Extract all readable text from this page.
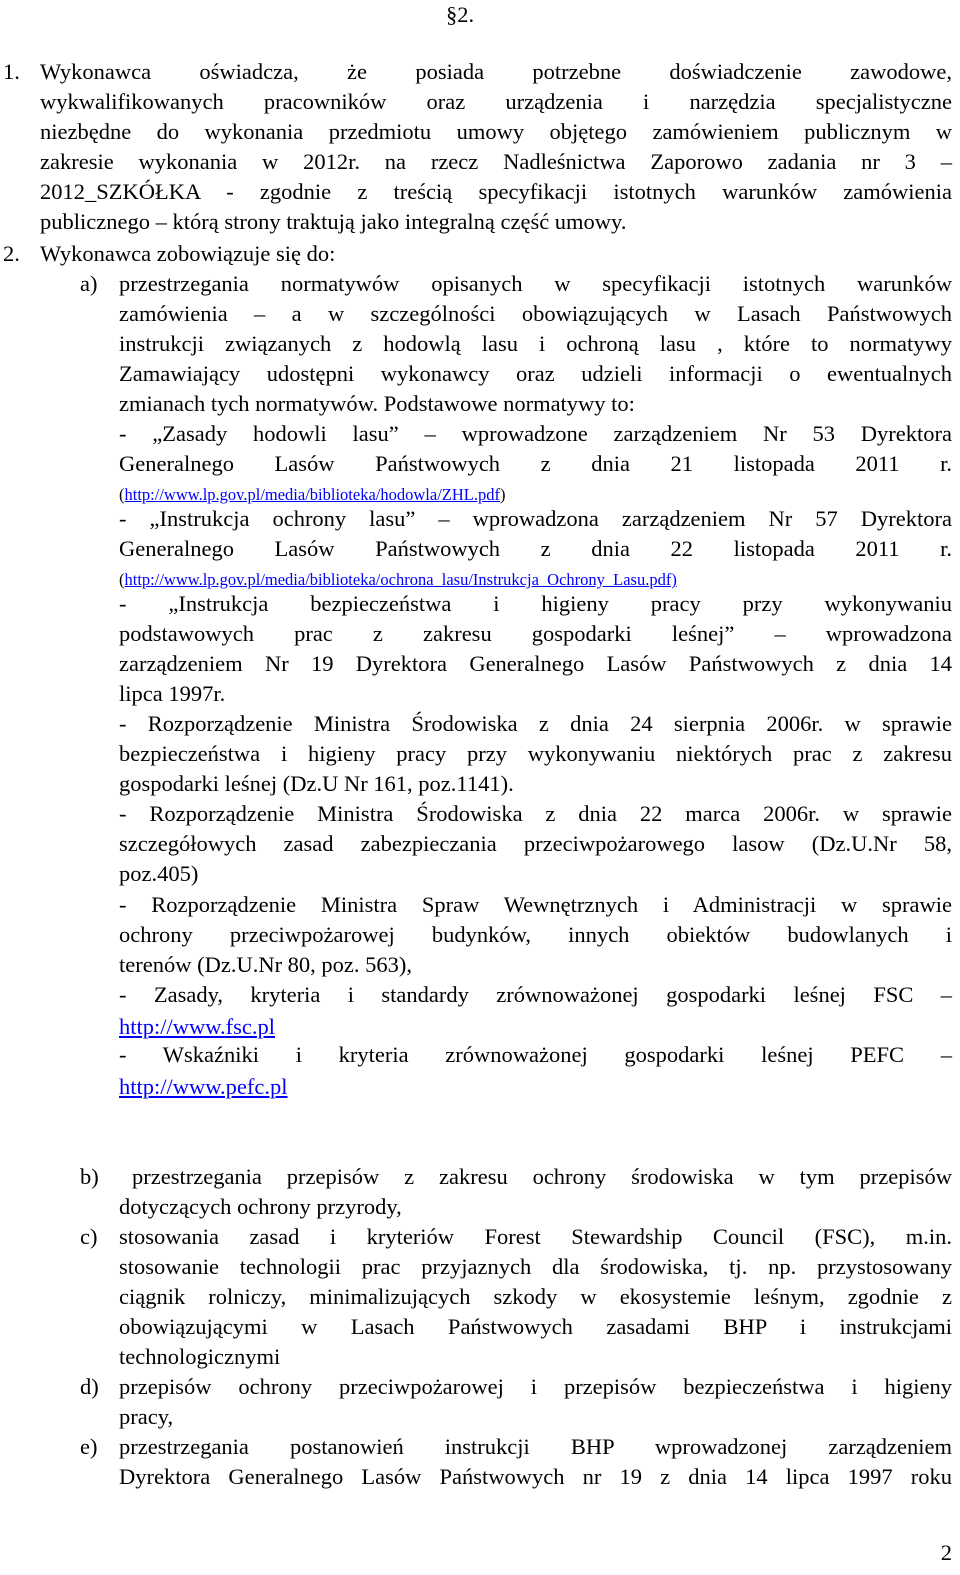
§2.
1. Wykonawca oświadcza, że posiada potrzebne doświadczenie zawodowe,
wykwalifikowanych pracowników oraz urządzenia i narzędzia specjalistyczne
niezbędne do wykonania przedmiotu umowy objętego zamówieniem publicznym w
zakresie wykonania w 2012r. na rzecz Nadleśnictwa Zaporowo zadania nr 3 –
2012_SZKÓŁKA - zgodnie z treścią specyfikacji istotnych warunków zamówienia
publicznego – którą strony traktują jako integralną część umowy.
2. Wykonawca zobowiązuje się do:
a) przestrzegania normatywów opisanych w specyfikacji istotnych warunków
zamówienia – a w szczególności obowiązujących w Lasach Państwowych
instrukcji związanych z hodowlą lasu i ochroną lasu , które to normatywy
Zamawiający udostępni wykonawcy oraz udzieli informacji o ewentualnych
zmianach tych normatywów. Podstawowe normatywy to:
- „Zasady hodowli lasu” – wprowadzone zarządzeniem Nr 53 Dyrektora
Generalnego Lasów Państwowych z dnia 21 listopada 2011 r.
- „Instrukcja ochrony lasu” – wprowadzona zarządzeniem Nr 57 Dyrektora
Generalnego Lasów Państwowych z dnia 22 listopada 2011 r.
- „Instrukcja bezpieczeństwa i higieny pracy przy wykonywaniu
podstawowych prac z zakresu gospodarki leśnej” – wprowadzona
zarządzeniem Nr 19 Dyrektora Generalnego Lasów Państwowych z dnia 14
lipca 1997r.
- Rozporządzenie Ministra Środowiska z dnia 24 sierpnia 2006r. w sprawie
bezpieczeństwa i higieny pracy przy wykonywaniu niektórych prac z zakresu
gospodarki leśnej (Dz.U Nr 161, poz.1141).
- Rozporządzenie Ministra Środowiska z dnia 22 marca 2006r. w sprawie
szczegółowych zasad zabezpieczania przeciwpożarowego lasow (Dz.U.Nr 58,
poz.405)
- Rozporządzenie Ministra Spraw Wewnętrznych i Administracji w sprawie
ochrony przeciwpożarowej budynków, innych obiektów budowlanych i
terenów (Dz.U.Nr 80, poz. 563),
- Zasady, kryteria i standardy zrównoważonej gospodarki leśnej FSC –
- Wskaźniki i kryteria zrównoważonej gospodarki leśnej PEFC –
b)	przestrzegania przepisów z zakresu ochrony środowiska w tym przepisów
dotyczących ochrony przyrody,
c) stosowania zasad i kryteriów Forest Stewardship Council (FSC), m.in.
stosowanie technologii prac przyjaznych dla środowiska, tj. np. przystosowany
ciągnik rolniczy, minimalizujących szkody w ekosystemie leśnym, zgodnie z
obowiązującymi w Lasach Państwowych zasadami BHP i instrukcjami
technologicznymi
d) przepisów ochrony przeciwpożarowej i przepisów bezpieczeństwa i higieny
pracy,
e) przestrzegania postanowień instrukcji BHP wprowadzonej zarządzeniem
Dyrektora Generalnego Lasów Państwowych nr 19 z dnia 14 lipca 1997 roku
(http://www.lp.gov.pl/media/biblioteka/hodowla/ZHL.pdf)
(http://www.lp.gov.pl/media/biblioteka/ochrona_lasu/Instrukcja_Ochrony_Lasu.pdf)
http://www.fsc.pl
http://www.pefc.pl
2
